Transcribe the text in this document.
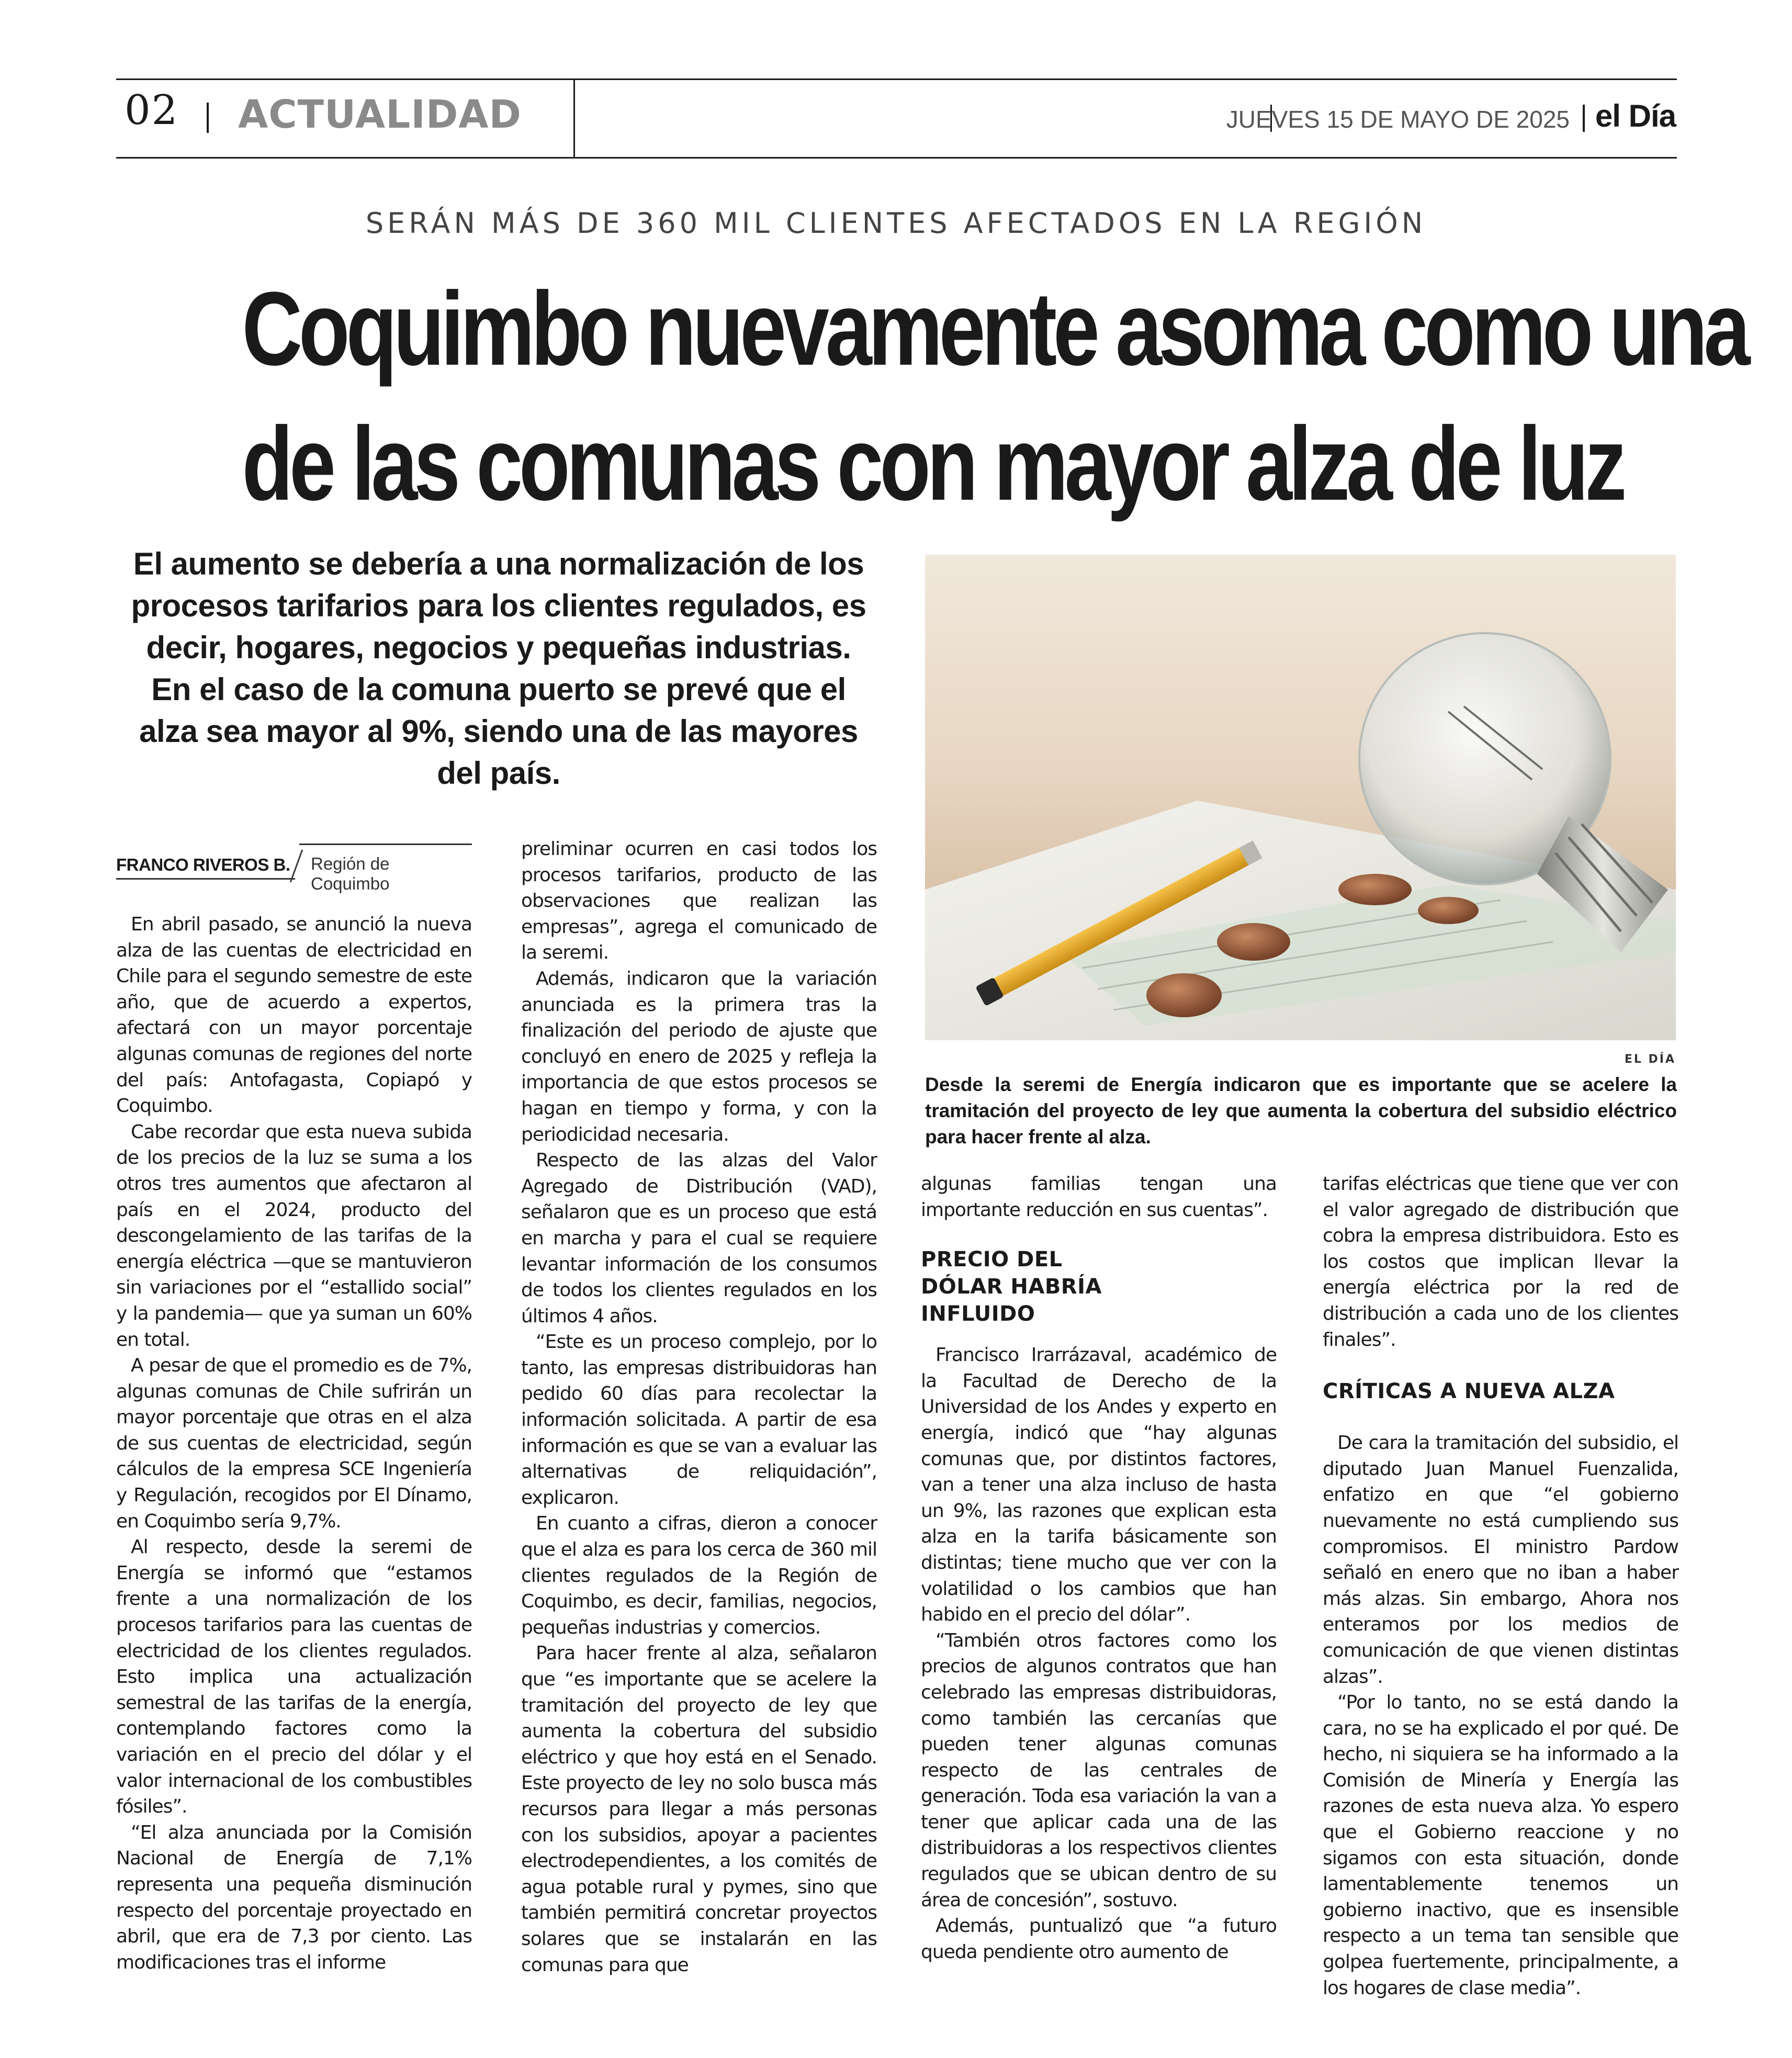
02 ACTUALIDAD	JUEVES 15 DE MAYO DE 2025 el Día
SERÁN MÁS DE 360 MIL CLIENTES AFECTADOS EN LA REGIÓN
Coquimbo nuevamente asoma como una
de las comunas con mayor alza de luz
El aumento se debería a una normalización de los procesos tarifarios para los clientes regulados, es decir, hogares, negocios y pequeñas industrias. En el caso de la comuna puerto se prevé que el alza sea mayor al 9%, siendo una de las mayores del país.
EL DÍA
Desde la seremi de Energía indicaron que es importante que se acelere la tramitación del proyecto de ley que aumenta la cobertura del subsidio eléctrico para hacer frente al alza.
FRANCO RIVEROS B. Región de Coquimbo

En abril pasado, se anunció la nueva alza de las cuentas de electricidad en Chile para el segundo semestre de este año, que de acuerdo a expertos, afectará con un mayor porcentaje algunas comunas de regiones del norte del país: Antofagasta, Copiapó y Coquimbo.

Cabe recordar que esta nueva subida de los precios de la luz se suma a los otros tres aumentos que afectaron al país en el 2024, producto del descongelamiento de las tarifas de la energía eléctrica —que se mantuvieron sin variaciones por el “estallido social” y la pandemia— que ya suman un 60% en total.

A pesar de que el promedio es de 7%, algunas comunas de Chile sufrirán un mayor porcentaje que otras en el alza de sus cuentas de electricidad, según cálculos de la empresa SCE Ingeniería y Regulación, recogidos por El Dínamo, en Coquimbo sería 9,7%.

Al respecto, desde la seremi de Energía se informó que “estamos frente a una normalización de los procesos tarifarios para las cuentas de electricidad de los clientes regulados. Esto implica una actualización semestral de las tarifas de la energía, contemplando factores como la variación en el precio del dólar y el valor internacional de los combustibles fósiles”.

“El alza anunciada por la Comisión Nacional de Energía de 7,1% representa una pequeña disminución respecto del porcentaje proyectado en abril, que era de 7,3 por ciento. Las modificaciones tras el informe

preliminar ocurren en casi todos los procesos tarifarios, producto de las observaciones que realizan las empresas”, agrega el comunicado de la seremi.

Además, indicaron que la variación anunciada es la primera tras la finalización del periodo de ajuste que concluyó en enero de 2025 y refleja la importancia de que estos procesos se hagan en tiempo y forma, y con la periodicidad necesaria.

Respecto de las alzas del Valor Agregado de Distribución (VAD), señalaron que es un proceso que está en marcha y para el cual se requiere levantar información de los consumos de todos los clientes regulados en los últimos 4 años.

“Este es un proceso complejo, por lo tanto, las empresas distribuidoras han pedido 60 días para recolectar la información solicitada. A partir de esa información es que se van a evaluar las alternativas de reliquidación”, explicaron.

En cuanto a cifras, dieron a conocer que el alza es para los cerca de 360 mil clientes regulados de la Región de Coquimbo, es decir, familias, negocios, pequeñas industrias y comercios.

Para hacer frente al alza, señalaron que “es importante que se acelere la tramitación del proyecto de ley que aumenta la cobertura del subsidio eléctrico y que hoy está en el Senado. Este proyecto de ley no solo busca más recursos para llegar a más personas con los subsidios, apoyar a pacientes electrodependientes, a los comités de agua potable rural y pymes, sino que también permitirá concretar proyectos solares que se instalarán en las comunas para que

algunas familias tengan una importante reducción en sus cuentas”.

PRECIO DEL DÓLAR HABRÍA INFLUIDO

Francisco Irarrázaval, académico de la Facultad de Derecho de la Universidad de los Andes y experto en energía, indicó que “hay algunas comunas que, por distintos factores, van a tener una alza incluso de hasta un 9%, las razones que explican esta alza en la tarifa básicamente son distintas; tiene mucho que ver con la volatilidad o los cambios que han habido en el precio del dólar”.

“También otros factores como los precios de algunos contratos que han celebrado las empresas distribuidoras, como también las cercanías que pueden tener algunas comunas respecto de las centrales de generación. Toda esa variación la van a tener que aplicar cada una de las distribuidoras a los respectivos clientes regulados que se ubican dentro de su área de concesión”, sostuvo.

Además, puntualizó que “a futuro queda pendiente otro aumento de

tarifas eléctricas que tiene que ver con el valor agregado de distribución que cobra la empresa distribuidora. Esto es los costos que implican llevar la energía eléctrica por la red de distribución a cada uno de los clientes finales”.

CRÍTICAS A NUEVA ALZA

De cara la tramitación del subsidio, el diputado Juan Manuel Fuenzalida, enfatizo en que “el gobierno nuevamente no está cumpliendo sus compromisos. El ministro Pardow señaló en enero que no iban a haber más alzas. Sin embargo, Ahora nos enteramos por los medios de comunicación de que vienen distintas alzas”.

“Por lo tanto, no se está dando la cara, no se ha explicado el por qué. De hecho, ni siquiera se ha informado a la Comisión de Minería y Energía las razones de esta nueva alza. Yo espero que el Gobierno reaccione y no sigamos con esta situación, donde lamentablemente tenemos un gobierno inactivo, que es insensible respecto a un tema tan sensible que golpea fuertemente, principalmente, a los hogares de clase media”.
